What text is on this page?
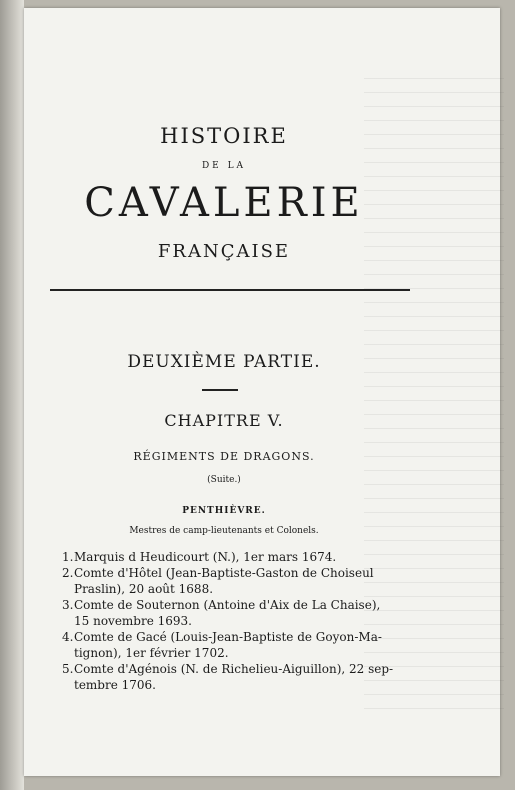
HISTOIRE
DE LA
CAVALERIE
FRANÇAISE
DEUXIÈME PARTIE.
CHAPITRE V.
RÉGIMENTS DE DRAGONS.
(Suite.)
PENTHIÈVRE.
Mestres de camp-lieutenants et Colonels.
1. Marquis d Heudicourt (N.), 1er mars 1674.
2. Comte d'Hôtel (Jean-Baptiste-Gaston de Choiseul
Praslin), 20 août 1688.
3. Comte de Souternon (Antoine d'Aix de La Chaise),
15 novembre 1693.
4. Comte de Gacé (Louis-Jean-Baptiste de Goyon-Ma-
tignon), 1er février 1702.
5. Comte d'Agénois (N. de Richelieu-Aiguillon), 22 sep-
tembre 1706.
